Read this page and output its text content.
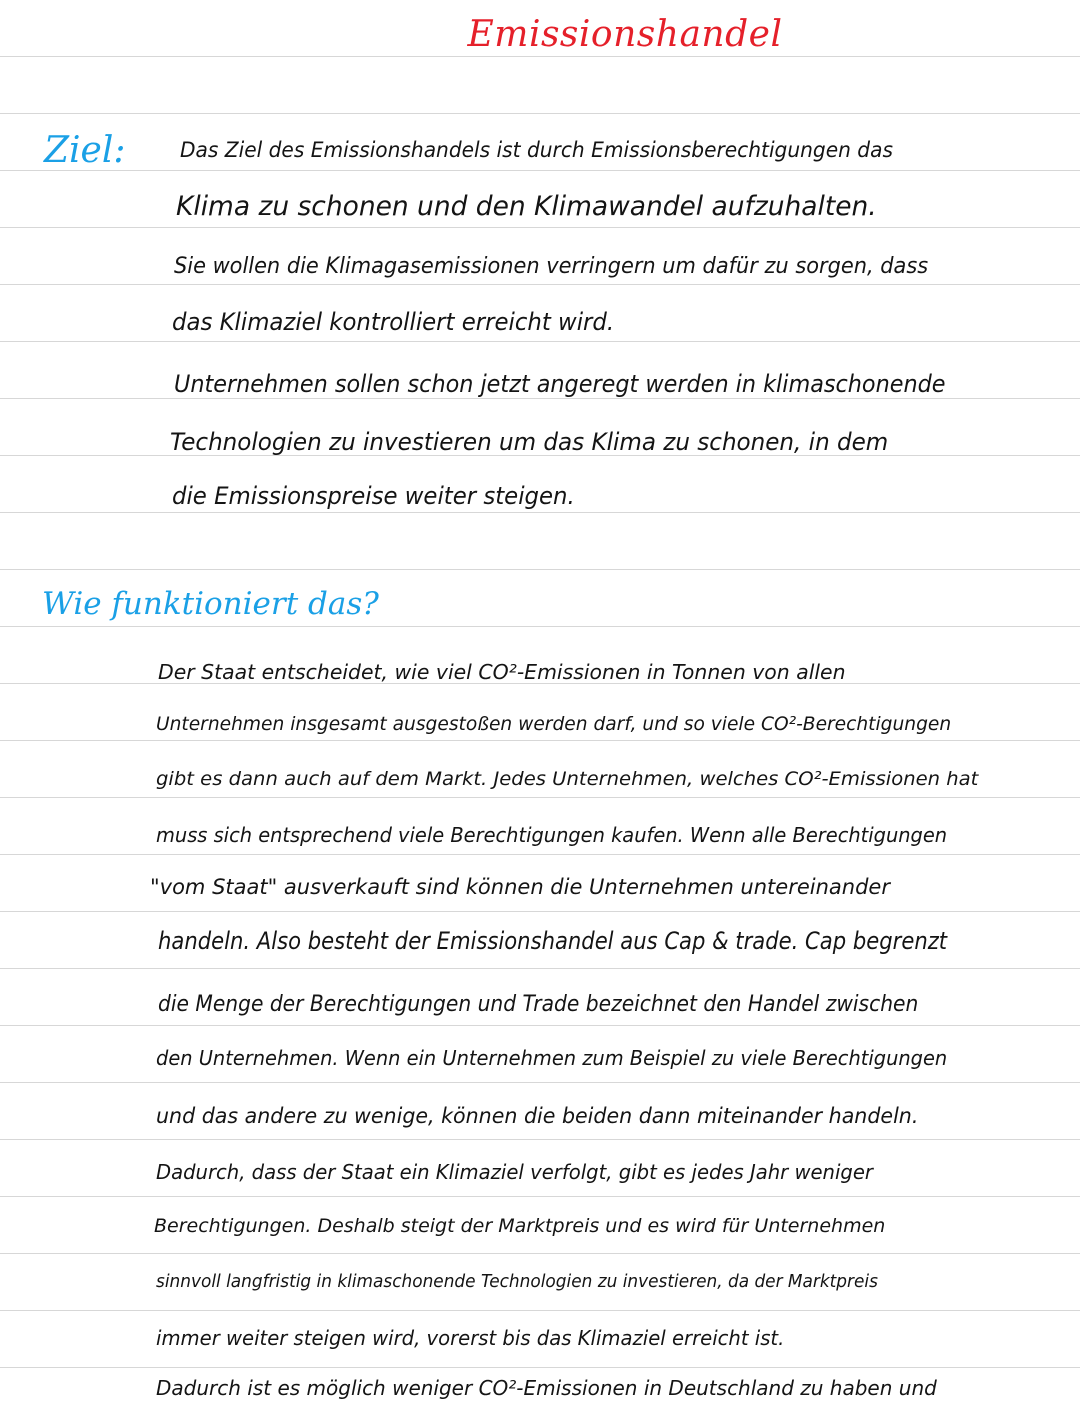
Emissionshandel
Ziel:	Das Ziel des Emissionshandels ist durch Emissionsberechtigungen das
Klima zu schonen und den Klimawandel aufzuhalten.
Sie wollen die Klimagasemissionen verringern um dafür zu sorgen, dass
das Klimaziel kontrolliert erreicht wird.
Unternehmen sollen schon jetzt angeregt werden in klimaschonende
Technologien zu investieren um das Klima zu schonen, in dem
die Emissionspreise weiter steigen.
Wie funktioniert das?
Der Staat entscheidet, wie viel CO²-Emissionen in Tonnen von allen
Unternehmen insgesamt ausgestoßen werden darf, und so viele CO²-Berechtigungen
gibt es dann auch auf dem Markt. Jedes Unternehmen, welches CO²-Emissionen hat
muss sich entsprechend viele Berechtigungen kaufen. Wenn alle Berechtigungen
"vom Staat" ausverkauft sind können die Unternehmen untereinander
handeln. Also besteht der Emissionshandel aus Cap & trade. Cap begrenzt
die Menge der Berechtigungen und Trade bezeichnet den Handel zwischen
den Unternehmen. Wenn ein Unternehmen zum Beispiel zu viele Berechtigungen
und das andere zu wenige, können die beiden dann miteinander handeln.
Dadurch, dass der Staat ein Klimaziel verfolgt, gibt es jedes Jahr weniger
Berechtigungen. Deshalb steigt der Marktpreis und es wird für Unternehmen
sinnvoll langfristig in klimaschonende Technologien zu investieren, da der Marktpreis
immer weiter steigen wird, vorerst bis das Klimaziel erreicht ist.
Dadurch ist es möglich weniger CO²-Emissionen in Deutschland zu haben und
